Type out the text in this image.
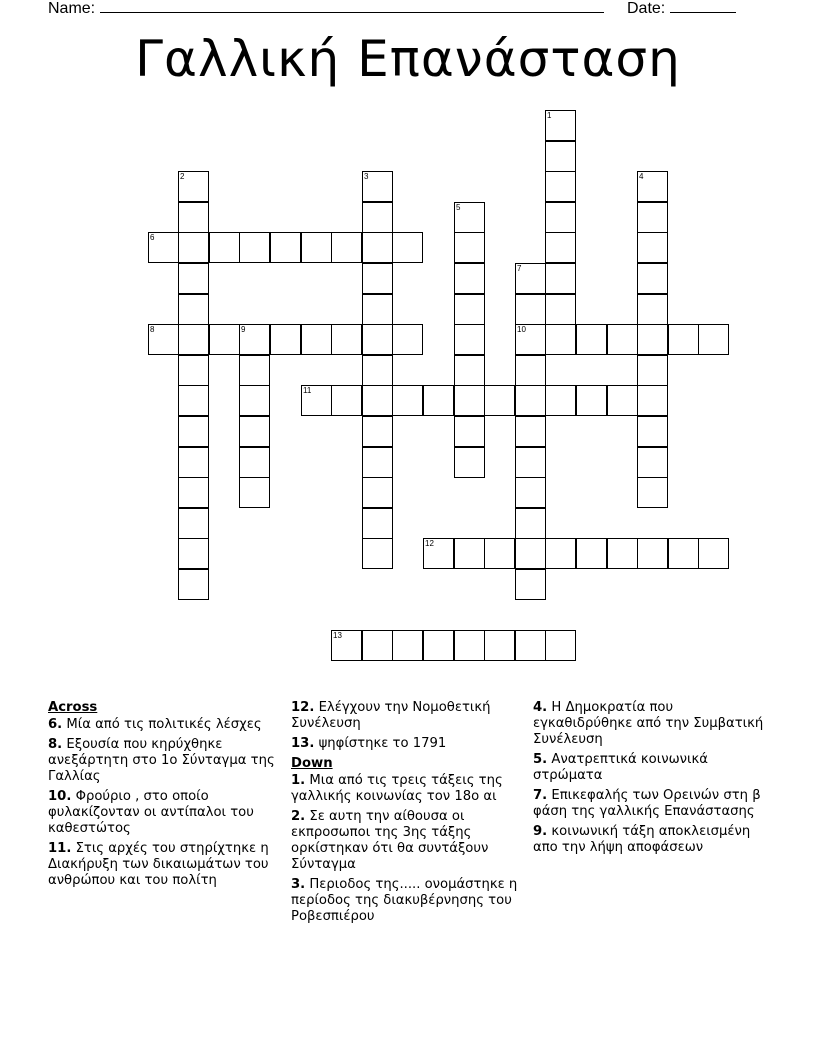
Name:	Date:
Γαλλική Επανάσταση
1
2	3	4
5
6
7
10
8	9
11
12
13
Across
6. Μία από τις πολιτικές λέσχες
8. Εξουσία που κηρύχθηκε ανεξάρτητη στο 1ο Σύνταγμα της Γαλλίας
10. Φρούριο , στο οποίο φυλακίζονταν οι αντίπαλοι του καθεστώτος
11. Στις αρχές του στηρίχτηκε η Διακήρυξη των δικαιωμάτων του ανθρώπου και του πολίτη
12. Ελέγχουν την Νομοθετική Συνέλευση
13. ψηφίστηκε το 1791
Down
1. Μια από τις τρεις τάξεις της γαλλικής κοινωνίας τον 18ο αι
2. Σε αυτη την αίθουσα οι εκπροσωποι της 3ης τάξης ορκίστηκαν ότι θα συντάξουν Σύνταγμα
3. Περιοδος της..... ονομάστηκε η περίοδος της διακυβέρνησης του Ροβεσπιέρου
4. Η Δημοκρατία που εγκαθιδρύθηκε από την Συμβατική Συνέλευση
5. Ανατρεπτικά κοινωνικά στρώματα
7. Επικεφαλής των Ορεινών στη β φάση της γαλλικής Επανάστασης
9. κοινωνική τάξη αποκλεισμένη απο την λήψη αποφάσεων
